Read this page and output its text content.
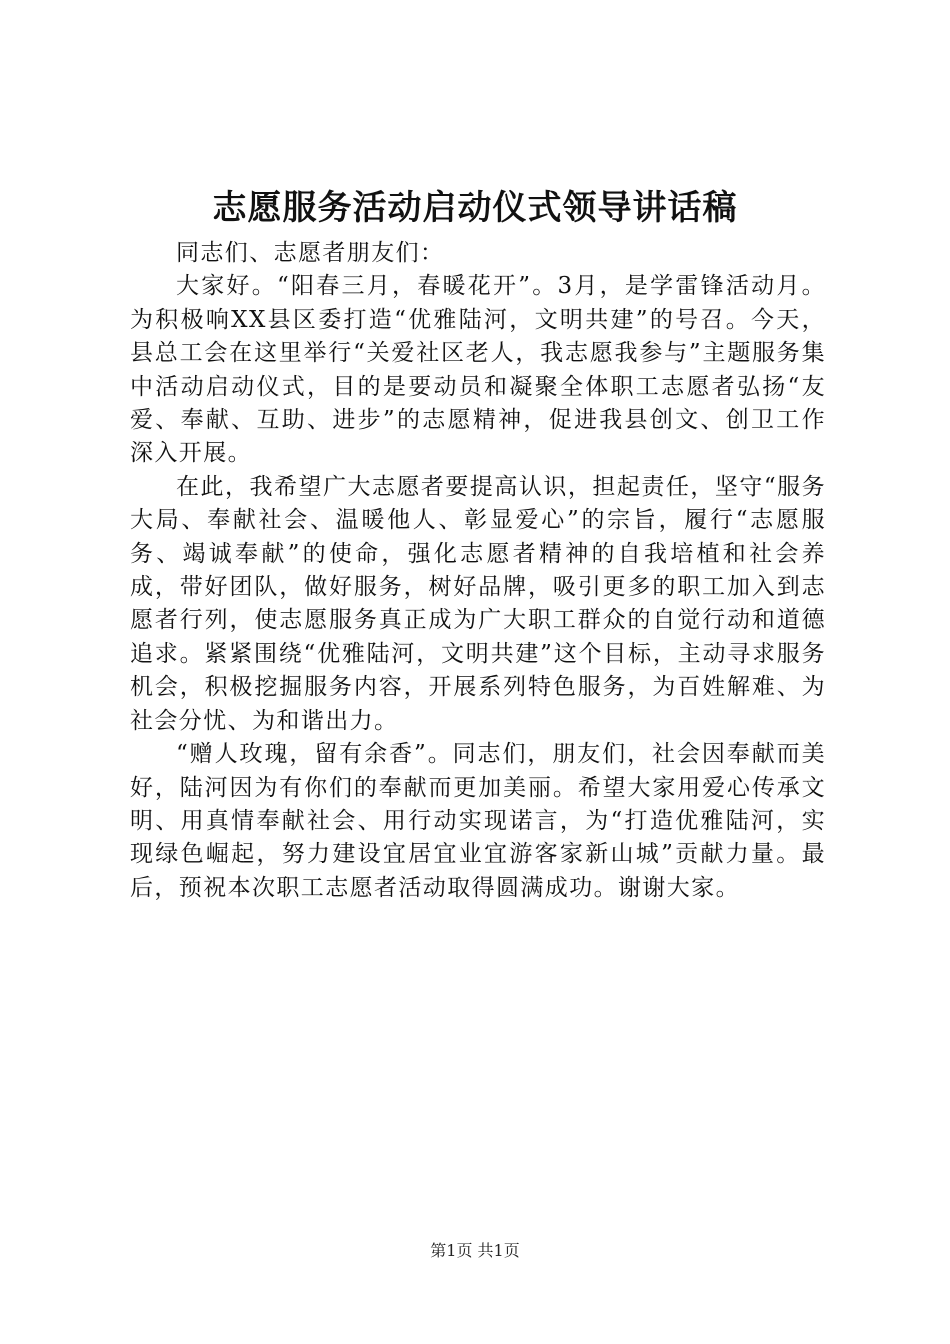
志愿服务活动启动仪式领导讲话稿

同志们、志愿者朋友们：

大家好。“阳春三月，春暖花开”。3月，是学雷锋活动月。为积极响XX县区委打造“优雅陆河，文明共建”的号召。今天，县总工会在这里举行“关爱社区老人，我志愿我参与”主题服务集中活动启动仪式，目的是要动员和凝聚全体职工志愿者弘扬“友爱、奉献、互助、进步”的志愿精神，促进我县创文、创卫工作深入开展。

在此，我希望广大志愿者要提高认识，担起责任，坚守“服务大局、奉献社会、温暖他人、彰显爱心”的宗旨，履行“志愿服务、竭诚奉献”的使命，强化志愿者精神的自我培植和社会养成，带好团队，做好服务，树好品牌，吸引更多的职工加入到志愿者行列，使志愿服务真正成为广大职工群众的自觉行动和道德追求。紧紧围绕“优雅陆河，文明共建”这个目标，主动寻求服务机会，积极挖掘服务内容，开展系列特色服务，为百姓解难、为社会分忧、为和谐出力。

“赠人玫瑰，留有余香”。同志们，朋友们，社会因奉献而美好，陆河因为有你们的奉献而更加美丽。希望大家用爱心传承文明、用真情奉献社会、用行动实现诺言，为“打造优雅陆河，实现绿色崛起，努力建设宜居宜业宜游客家新山城”贡献力量。最后，预祝本次职工志愿者活动取得圆满成功。谢谢大家。

第1页 共1页
